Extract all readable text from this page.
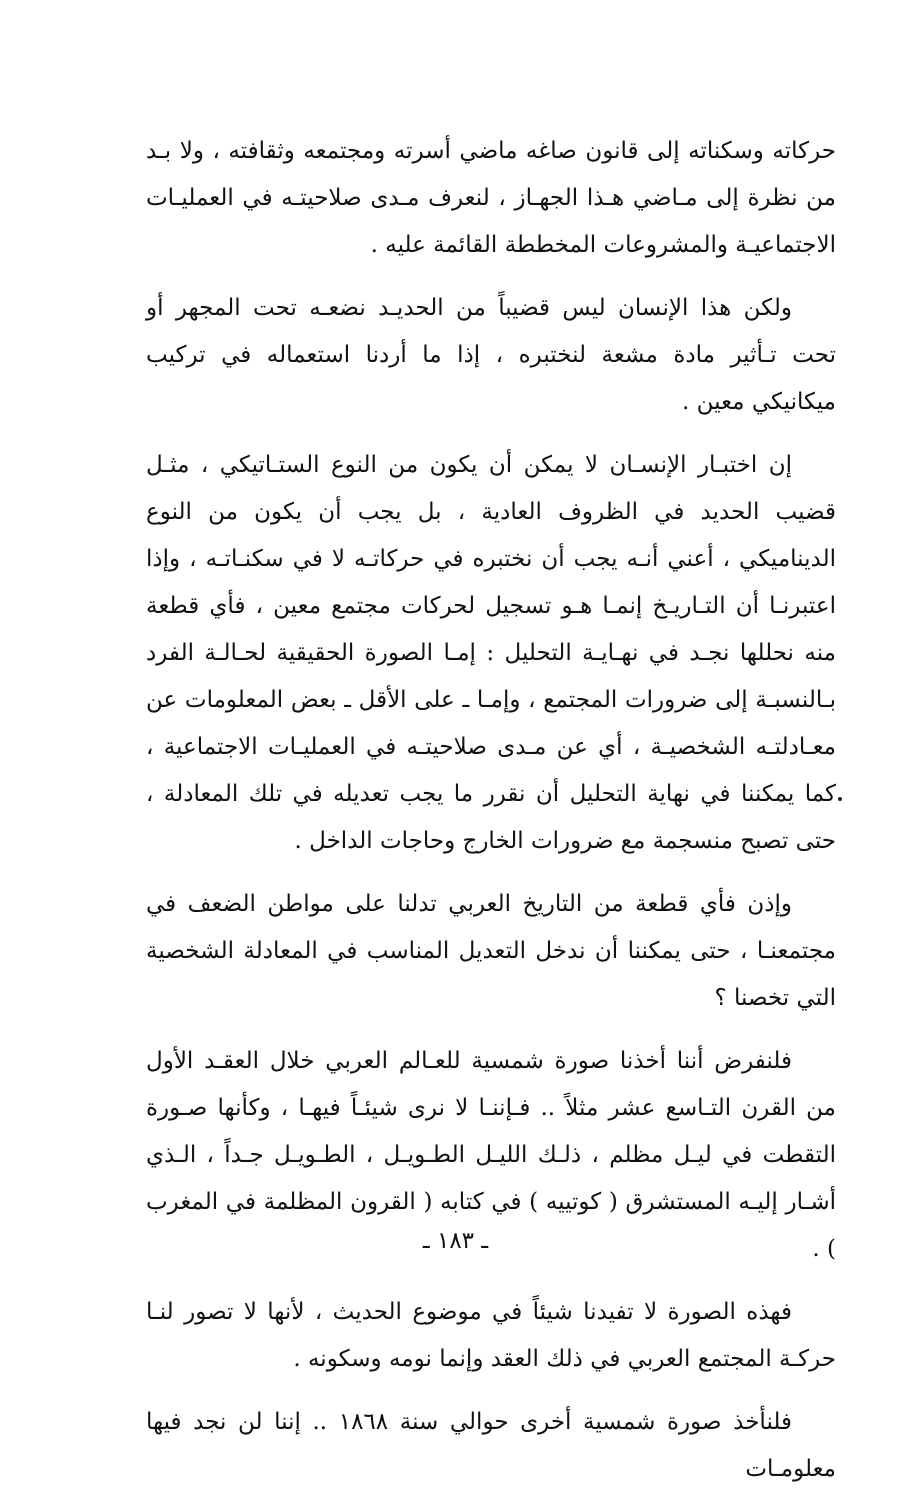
حركاته وسكناته إلى قانون صاغه ماضي أسرته ومجتمعه وثقافته ، ولا بـد من نظرة إلى مـاضي هـذا الجهـاز ، لنعرف مـدى صلاحيتـه في العمليـات الاجتماعيـة والمشروعات المخططة القائمة عليه .

ولكن هذا الإنسان ليس قضيباً من الحديـد نضعـه تحت المجهر أو تحت تـأثير مادة مشعة لنختبره ، إذا ما أردنا استعماله في تركيب ميكانيكي معين .

إن اختبـار الإنسـان لا يمكن أن يكون من النوع الستـاتيكي ، مثـل قضيب الحديد في الظروف العادية ، بل يجب أن يكون من النوع الديناميكي ، أعني أنـه يجب أن نختبره في حركاتـه لا في سكنـاتـه ، وإذا اعتبرنـا أن التـاريـخ إنمـا هـو تسجيل لحركات مجتمع معين ، فأي قطعة منه نحللها نجـد في نهـايـة التحليل : إمـا الصورة الحقيقية لحـالـة الفرد بـالنسبـة إلى ضرورات المجتمع ، وإمـا ـ على الأقل ـ بعض المعلومات عن معـادلتـه الشخصيـة ، أي عن مـدى صلاحيتـه في العمليـات الاجتماعية ، كما يمكننا في نهاية التحليل أن نقرر ما يجب تعديله في تلك المعادلة ، حتى تصبح منسجمة مع ضرورات الخارج وحاجات الداخل .

وإذن فأي قطعة من التاريخ العربي تدلنا على مواطن الضعف في مجتمعنـا ، حتى يمكننا أن ندخل التعديل المناسب في المعادلة الشخصية التي تخصنا ؟

فلنفرض أننا أخذنا صورة شمسية للعـالم العربي خلال العقـد الأول من القرن التـاسع عشر مثلاً .. فـإننـا لا نرى شيئـاً فيهـا ، وكأنها صـورة التقطت في ليـل مظلم ، ذلـك الليـل الطـويـل ، الطـويـل جـداً ، الـذي أشـار إليـه المستشرق ( كوتييه ) في كتابه ( القرون المظلمة في المغرب ) .

فهذه الصورة لا تفيدنا شيئاً في موضوع الحديث ، لأنها لا تصور لنـا حركـة المجتمع العربي في ذلك العقد وإنما نومه وسكونه .

فلنأخذ صورة شمسية أخرى حوالي سنة ١٨٦٨ .. إننا لن نجد فيها معلومـات

ـ ١٨٣ ـ
